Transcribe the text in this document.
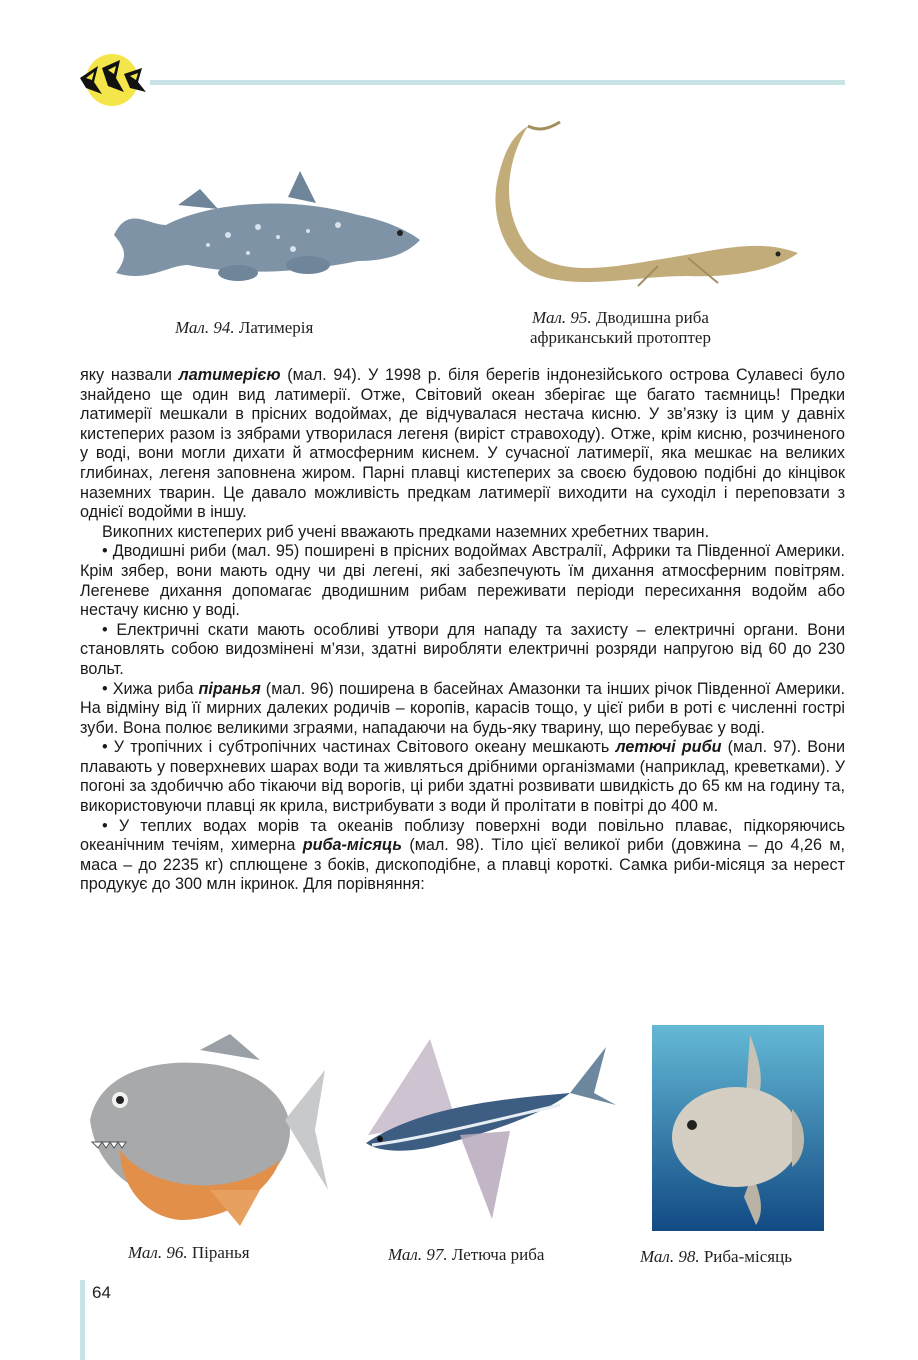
Мал. 94. Латимерія
Мал. 95. Дводишна риба
африканський протоптер

яку назвали латимерією (мал. 94). У 1998 р. біля берегів індонезійського острова Сулавесі було знайдено ще один вид латимерії. Отже, Світовий океан зберігає ще багато таємниць! Предки латимерії мешкали в прісних водоймах, де відчувалася нестача кисню. У зв’язку із цим у давніх кистеперих разом із зябрами утворилася легеня (виріст стравоходу). Отже, крім кисню, розчиненого у воді, вони могли дихати й атмосферним киснем. У сучасної латимерії, яка мешкає на великих глибинах, легеня заповнена жиром. Парні плавці кистеперих за своєю будовою подібні до кінцівок наземних тварин. Це давало можливість предкам латимерії виходити на суходіл і переповзати з однієї водойми в іншу.

Викопних кистеперих риб учені вважають предками наземних хребетних тварин.

• Дводишні риби (мал. 95) поширені в прісних водоймах Австралії, Африки та Південної Америки. Крім зябер, вони мають одну чи дві легені, які забезпечують їм дихання атмосферним повітрям. Легеневе дихання допомагає дводишним рибам переживати періоди пересихання водойм або нестачу кисню у воді.

• Електричні скати мають особливі утвори для нападу та захисту – електричні органи. Вони становлять собою видозмінені м’язи, здатні виробляти електричні розряди напругою від 60 до 230 вольт.

• Хижа риба піранья (мал. 96) поширена в басейнах Амазонки та інших річок Південної Америки. На відміну від її мирних далеких родичів – коропів, карасів тощо, у цієї риби в роті є численні гострі зуби. Вона полює великими зграями, нападаючи на будь-яку тварину, що перебуває у воді.

• У тропічних і субтропічних частинах Світового океану мешкають летючі риби (мал. 97). Вони плавають у поверхневих шарах води та живляться дрібними організмами (наприклад, креветками). У погоні за здобиччю або тікаючи від ворогів, ці риби здатні розвивати швидкість до 65 км на годину та, використовуючи плавці як крила, вистрибувати з води й пролітати в повітрі до 400 м.

• У теплих водах морів та океанів поблизу поверхні води повільно плаває, підкоряючись океанічним течіям, химерна риба-місяць (мал. 98). Тіло цієї великої риби (довжина – до 4,26 м, маса – до 2235 кг) сплющене з боків, дископодібне, а плавці короткі. Самка риби-місяця за нерест продукує до 300 млн ікринок. Для порівняння:

Мал. 96. Піранья	Мал. 97. Летюча риба	Мал. 98. Риба-місяць
64
